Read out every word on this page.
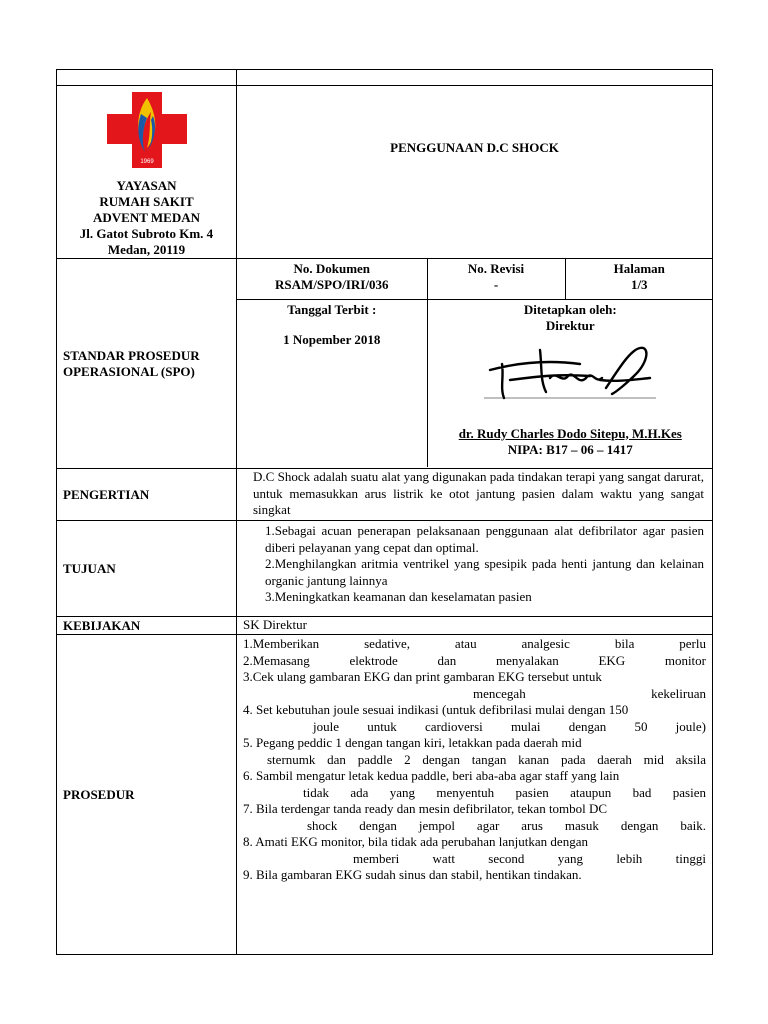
1969
YAYASAN
RUMAH SAKIT
ADVENT MEDAN
Jl. Gatot Subroto Km. 4
Medan, 20119
	PENGGUNAAN D.C SHOCK
STANDAR PROSEDUR OPERASIONAL (SPO)	
No. Dokumen
RSAM/SPO/IRI/036

No. Revisi
-

Halaman
1/3

Tanggal Terbit :
1 Nopember 2018

Ditetapkan oleh:
Direktur
dr. Rudy Charles Dodo Sitepu, M.H.Kes
NIPA: B17 – 06 – 1417

PENGERTIAN	D.C Shock adalah suatu alat yang digunakan pada tindakan terapi yang sangat darurat, untuk memasukkan arus listrik ke otot jantung pasien dalam waktu yang sangat singkat
TUJUAN	
1.Sebagai acuan penerapan pelaksanaan penggunaan alat defibrilator agar pasien diberi pelayanan yang cepat dan optimal.
2.Menghilangkan aritmia ventrikel yang spesipik pada henti jantung dan kelainan organic jantung lainnya
3.Meningkatkan keamanan dan keselamatan pasien

KEBIJAKAN	SK Direktur
PROSEDUR	
1.Memberikan sedative, atau analgesic bila perlu
2.Memasang elektrode dan menyalakan EKG monitor
3.Cek ulang gambaran EKG dan print gambaran EKG tersebut untuk
mencegah kekeliruan
4. Set kebutuhan joule sesuai indikasi (untuk defibrilasi mulai dengan 150
joule untuk cardioversi mulai dengan 50 joule)
5. Pegang peddic 1 dengan tangan kiri, letakkan pada daerah mid
sternumk dan paddle 2 dengan tangan kanan pada daerah mid aksila
6. Sambil mengatur letak kedua paddle, beri aba-aba agar staff yang lain
tidak ada yang menyentuh pasien ataupun bad pasien
7. Bila terdengar tanda ready dan mesin defibrilator, tekan tombol DC
shock dengan jempol agar arus masuk dengan baik.
8. Amati EKG monitor, bila tidak ada perubahan lanjutkan dengan
memberi watt second yang lebih tinggi
9. Bila gambaran EKG sudah sinus dan stabil, hentikan tindakan.
